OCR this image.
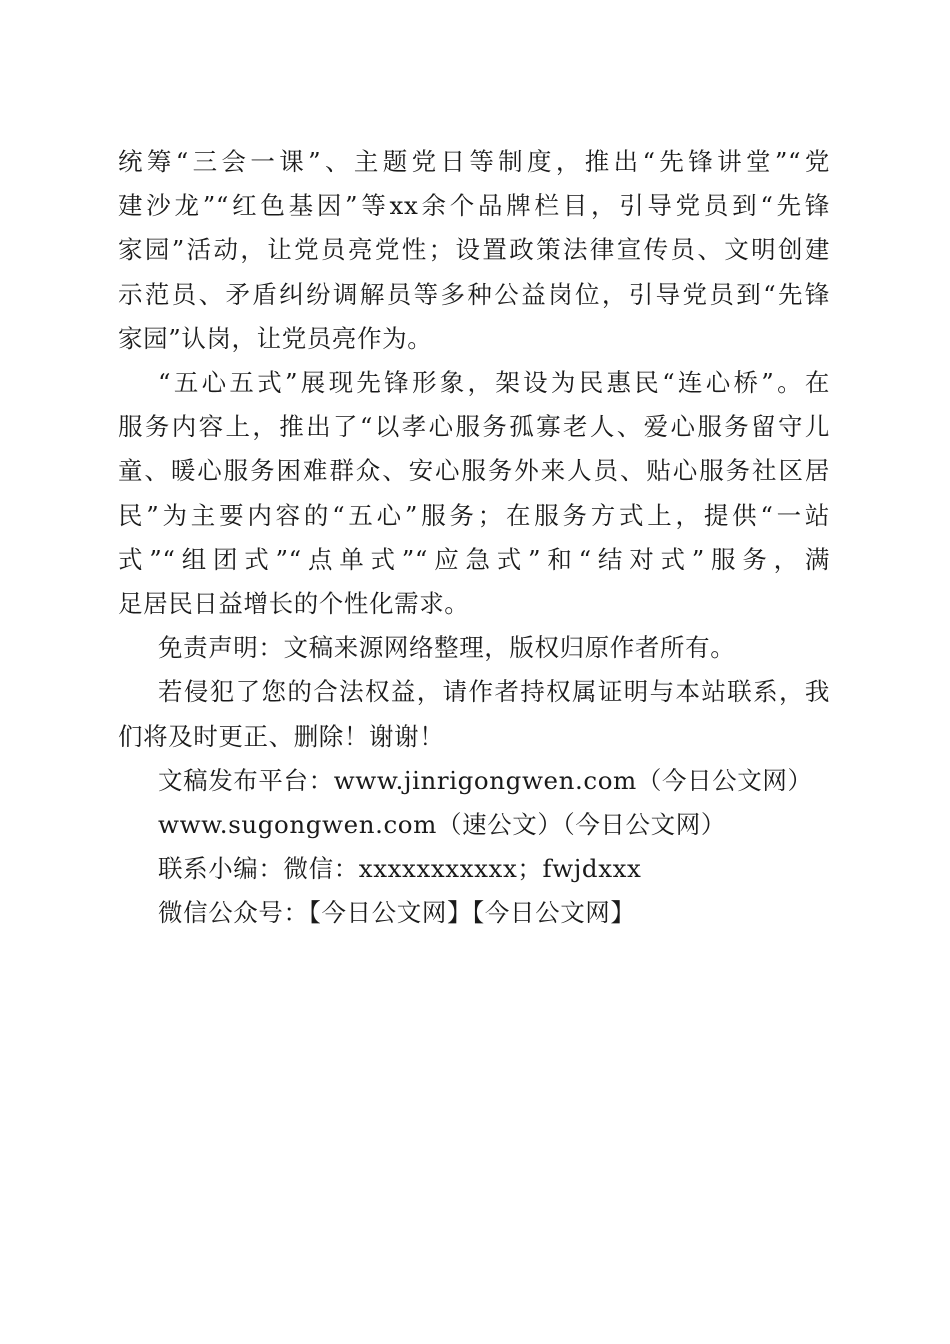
统筹“三会一课”、主题党日等制度，推出“先锋讲堂”“党

建沙龙”“红色基因”等xx余个品牌栏目，引导党员到“先锋

家园”活动，让党员亮党性；设置政策法律宣传员、文明创建

示范员、矛盾纠纷调解员等多种公益岗位，引导党员到“先锋

家园”认岗，让党员亮作为。

“五心五式”展现先锋形象，架设为民惠民“连心桥”。在

服务内容上，推出了“以孝心服务孤寡老人、爱心服务留守儿

童、暖心服务困难群众、安心服务外来人员、贴心服务社区居

民”为主要内容的“五心”服务；在服务方式上，提供“一站

式”“组团式”“点单式”“应急式”和“结对式”服务，满

足居民日益增长的个性化需求。

免责声明：文稿来源网络整理，版权归原作者所有。

若侵犯了您的合法权益，请作者持权属证明与本站联系，我

们将及时更正、删除！谢谢！

文稿发布平台：www.jinrigongwen.com（今日公文网）

www.sugongwen.com（速公文）（今日公文网）

联系小编：微信：xxxxxxxxxxx；fwjdxxx

微信公众号：【今日公文网】【今日公文网】
